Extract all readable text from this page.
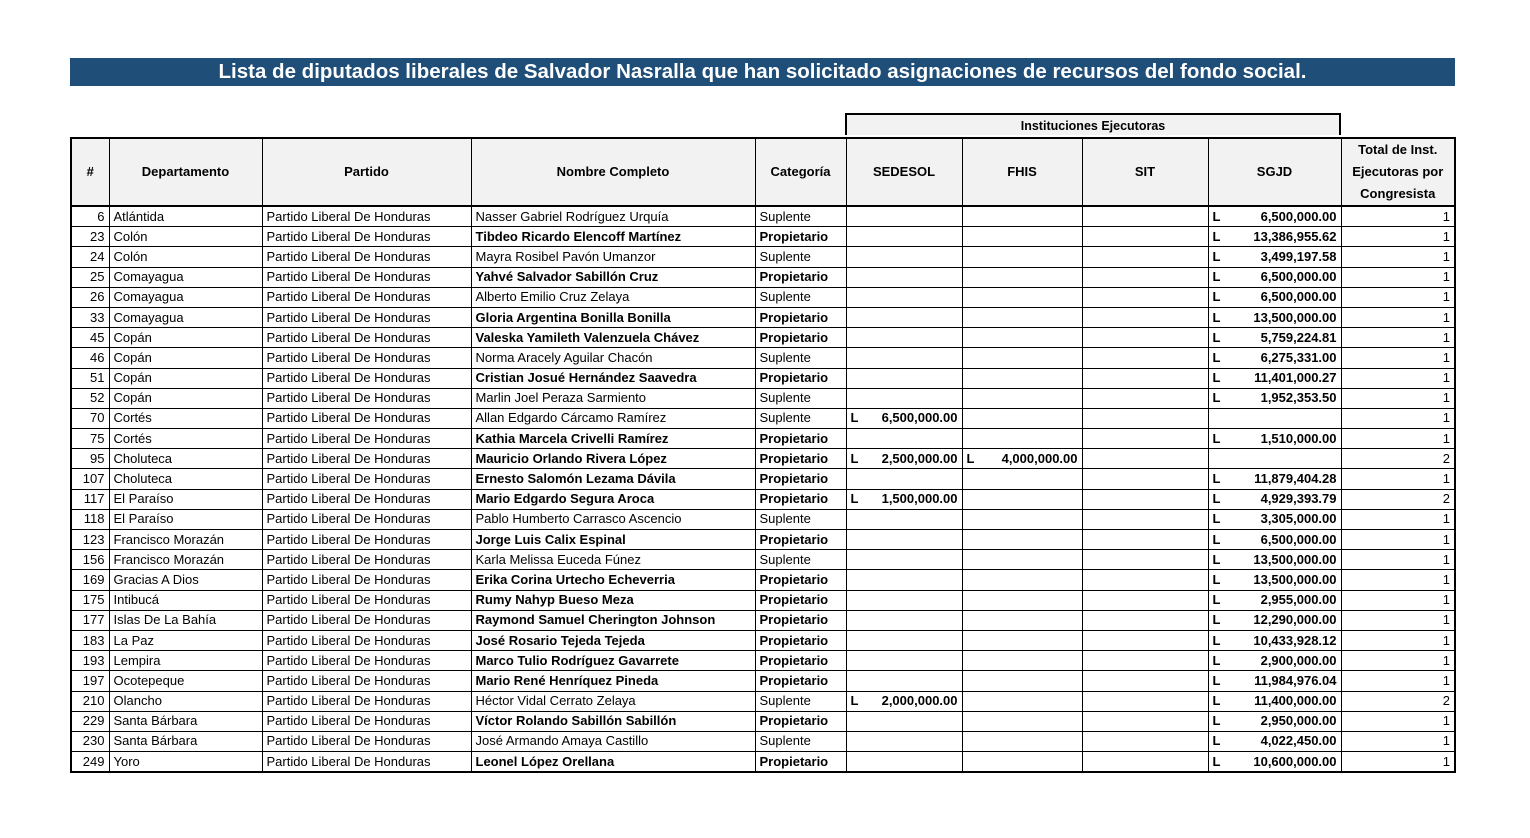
Lista de diputados liberales de Salvador Nasralla que han solicitado asignaciones de recursos del fondo social.
Instituciones Ejecutoras
#	Departamento	Partido	Nombre Completo	Categoría	SEDESOL	FHIS	SIT	SGJD	Total de Inst. Ejecutoras por Congresista
6	Atlántida	Partido Liberal De Honduras	Nasser Gabriel Rodríguez Urquía	Suplente				L 6,500,000.00	1
23	Colón	Partido Liberal De Honduras	Tibdeo Ricardo Elencoff Martínez	Propietario				L 13,386,955.62	1
24	Colón	Partido Liberal De Honduras	Mayra Rosibel Pavón Umanzor	Suplente				L 3,499,197.58	1
25	Comayagua	Partido Liberal De Honduras	Yahvé Salvador Sabillón Cruz	Propietario				L 6,500,000.00	1
26	Comayagua	Partido Liberal De Honduras	Alberto Emilio Cruz Zelaya	Suplente				L 6,500,000.00	1
33	Comayagua	Partido Liberal De Honduras	Gloria Argentina Bonilla Bonilla	Propietario				L 13,500,000.00	1
45	Copán	Partido Liberal De Honduras	Valeska Yamileth Valenzuela Chávez	Propietario				L 5,759,224.81	1
46	Copán	Partido Liberal De Honduras	Norma Aracely Aguilar Chacón	Suplente				L 6,275,331.00	1
51	Copán	Partido Liberal De Honduras	Cristian Josué Hernández Saavedra	Propietario				L 11,401,000.27	1
52	Copán	Partido Liberal De Honduras	Marlin Joel Peraza Sarmiento	Suplente				L 1,952,353.50	1
70	Cortés	Partido Liberal De Honduras	Allan Edgardo Cárcamo Ramírez	Suplente	L 6,500,000.00				1
75	Cortés	Partido Liberal De Honduras	Kathia Marcela Crivelli Ramírez	Propietario				L 1,510,000.00	1
95	Choluteca	Partido Liberal De Honduras	Mauricio Orlando Rivera López	Propietario	L 2,500,000.00	L 4,000,000.00			2
107	Choluteca	Partido Liberal De Honduras	Ernesto Salomón Lezama Dávila	Propietario				L 11,879,404.28	1
117	El Paraíso	Partido Liberal De Honduras	Mario Edgardo Segura Aroca	Propietario	L 1,500,000.00			L 4,929,393.79	2
118	El Paraíso	Partido Liberal De Honduras	Pablo Humberto Carrasco Ascencio	Suplente				L 3,305,000.00	1
123	Francisco Morazán	Partido Liberal De Honduras	Jorge Luis Calix Espinal	Propietario				L 6,500,000.00	1
156	Francisco Morazán	Partido Liberal De Honduras	Karla Melissa Euceda Fúnez	Suplente				L 13,500,000.00	1
169	Gracias A Dios	Partido Liberal De Honduras	Erika Corina Urtecho Echeverria	Propietario				L 13,500,000.00	1
175	Intibucá	Partido Liberal De Honduras	Rumy Nahyp Bueso Meza	Propietario				L 2,955,000.00	1
177	Islas De La Bahía	Partido Liberal De Honduras	Raymond Samuel Cherington Johnson	Propietario				L 12,290,000.00	1
183	La Paz	Partido Liberal De Honduras	José Rosario Tejeda Tejeda	Propietario				L 10,433,928.12	1
193	Lempira	Partido Liberal De Honduras	Marco Tulio Rodríguez Gavarrete	Propietario				L 2,900,000.00	1
197	Ocotepeque	Partido Liberal De Honduras	Mario René Henríquez Pineda	Propietario				L 11,984,976.04	1
210	Olancho	Partido Liberal De Honduras	Héctor Vidal Cerrato Zelaya	Suplente	L 2,000,000.00			L 11,400,000.00	2
229	Santa Bárbara	Partido Liberal De Honduras	Víctor Rolando Sabillón Sabillón	Propietario				L 2,950,000.00	1
230	Santa Bárbara	Partido Liberal De Honduras	José Armando Amaya Castillo	Suplente				L 4,022,450.00	1
249	Yoro	Partido Liberal De Honduras	Leonel López Orellana	Propietario				L 10,600,000.00	1
